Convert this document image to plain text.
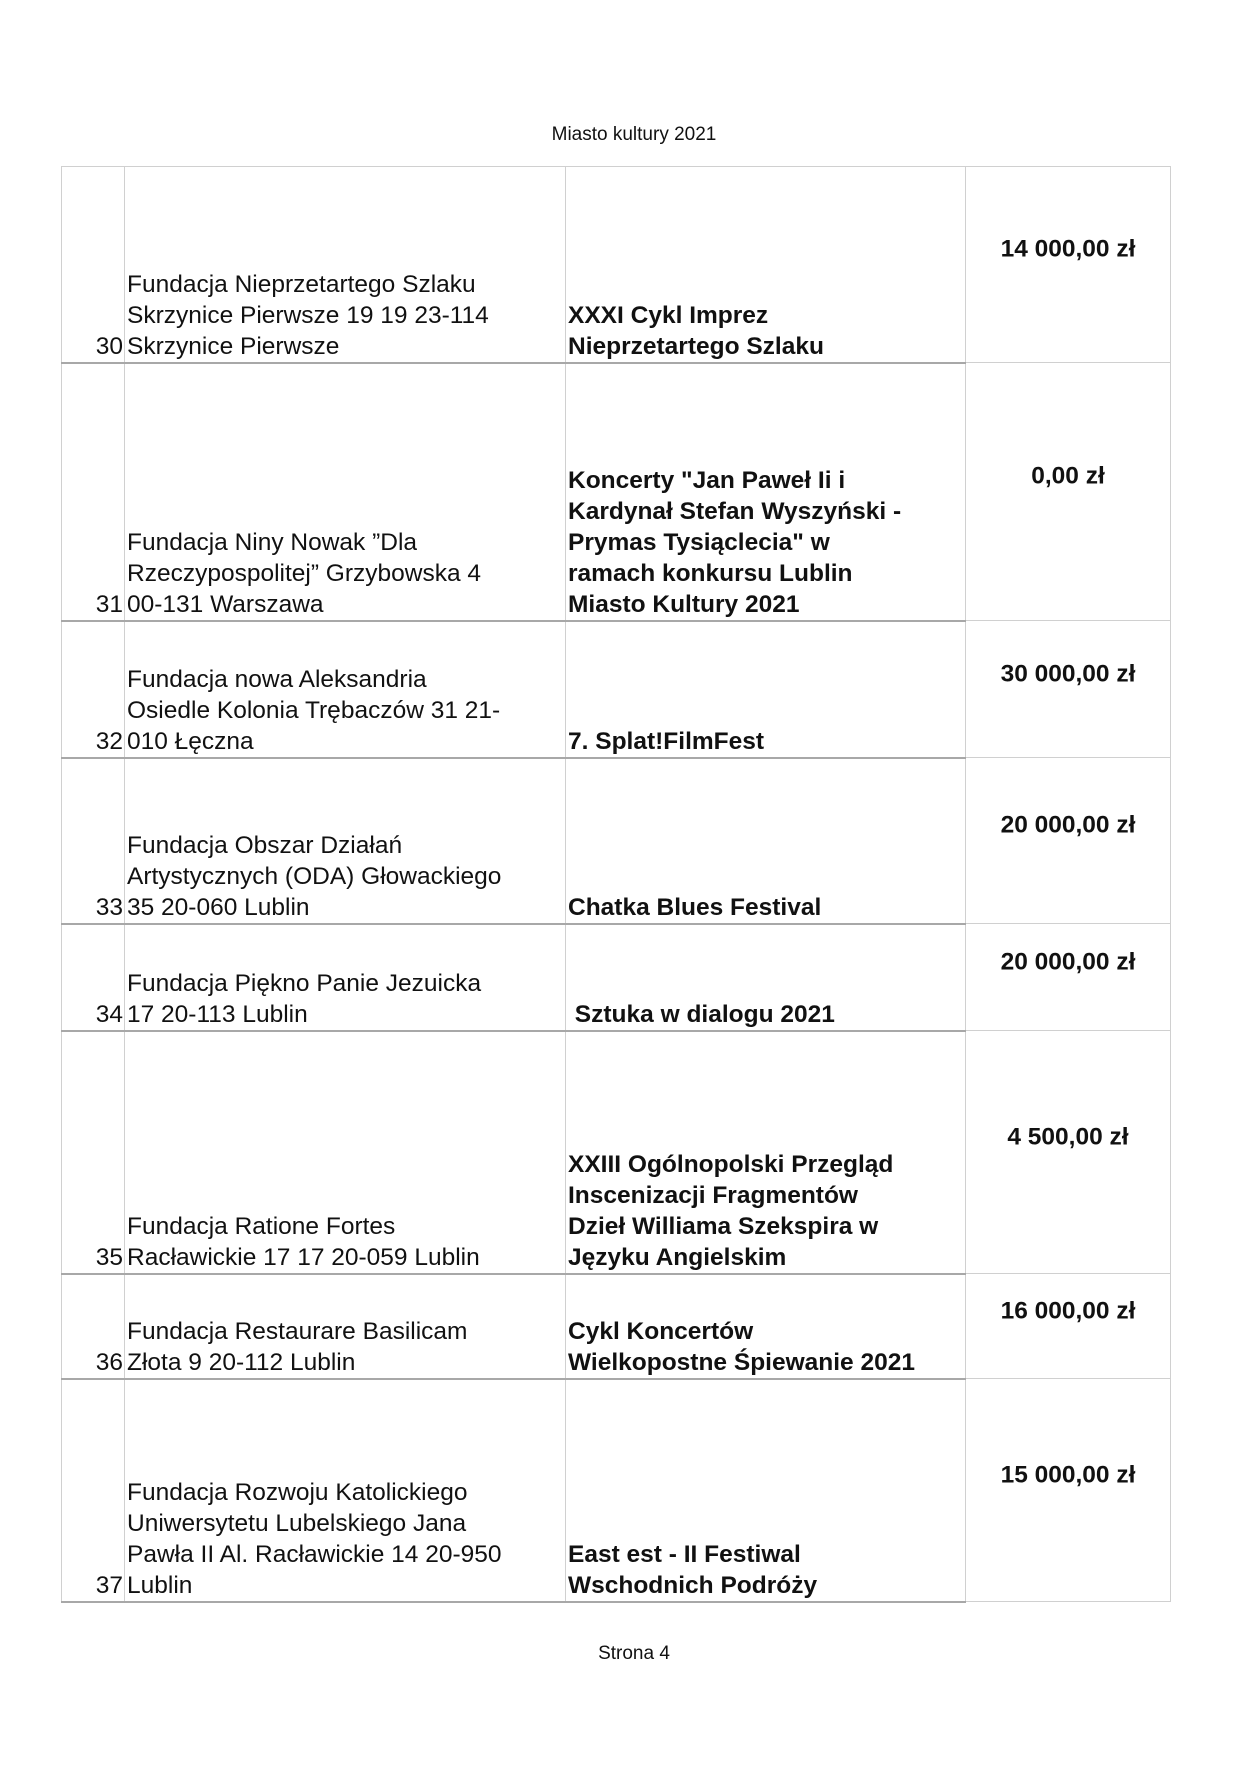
Miasto kultury 2021
30	Fundacja Nieprzetartego Szlaku
Skrzynice Pierwsze 19 19 23-114
Skrzynice Pierwsze	XXXI Cykl Imprez
Nieprzetartego Szlaku	14 000,00 zł
31	Fundacja Niny Nowak ”Dla
Rzeczypospolitej” Grzybowska 4
00-131 Warszawa	Koncerty "Jan Paweł Ii i
Kardynał Stefan Wyszyński -
Prymas Tysiąclecia" w
ramach konkursu Lublin
Miasto Kultury 2021	0,00 zł
32	Fundacja nowa Aleksandria
Osiedle Kolonia Trębaczów 31 21-
010 Łęczna	7. Splat!FilmFest	30 000,00 zł
33	Fundacja Obszar Działań
Artystycznych (ODA) Głowackiego
35 20-060 Lublin	Chatka Blues Festival	20 000,00 zł
34	Fundacja Piękno Panie Jezuicka
17 20-113 Lublin	Sztuka w dialogu 2021	20 000,00 zł
35	Fundacja Ratione Fortes
Racławickie 17 17 20-059 Lublin	XXIII Ogólnopolski Przegląd
Inscenizacji Fragmentów
Dzieł Williama Szekspira w
Języku Angielskim	4 500,00 zł
36	Fundacja Restaurare Basilicam
Złota 9 20-112 Lublin	Cykl Koncertów
Wielkopostne Śpiewanie 2021	16 000,00 zł
37	Fundacja Rozwoju Katolickiego
Uniwersytetu Lubelskiego Jana
Pawła II Al. Racławickie 14 20-950
Lublin	East est - II Festiwal
Wschodnich Podróży	15 000,00 zł
Strona 4
